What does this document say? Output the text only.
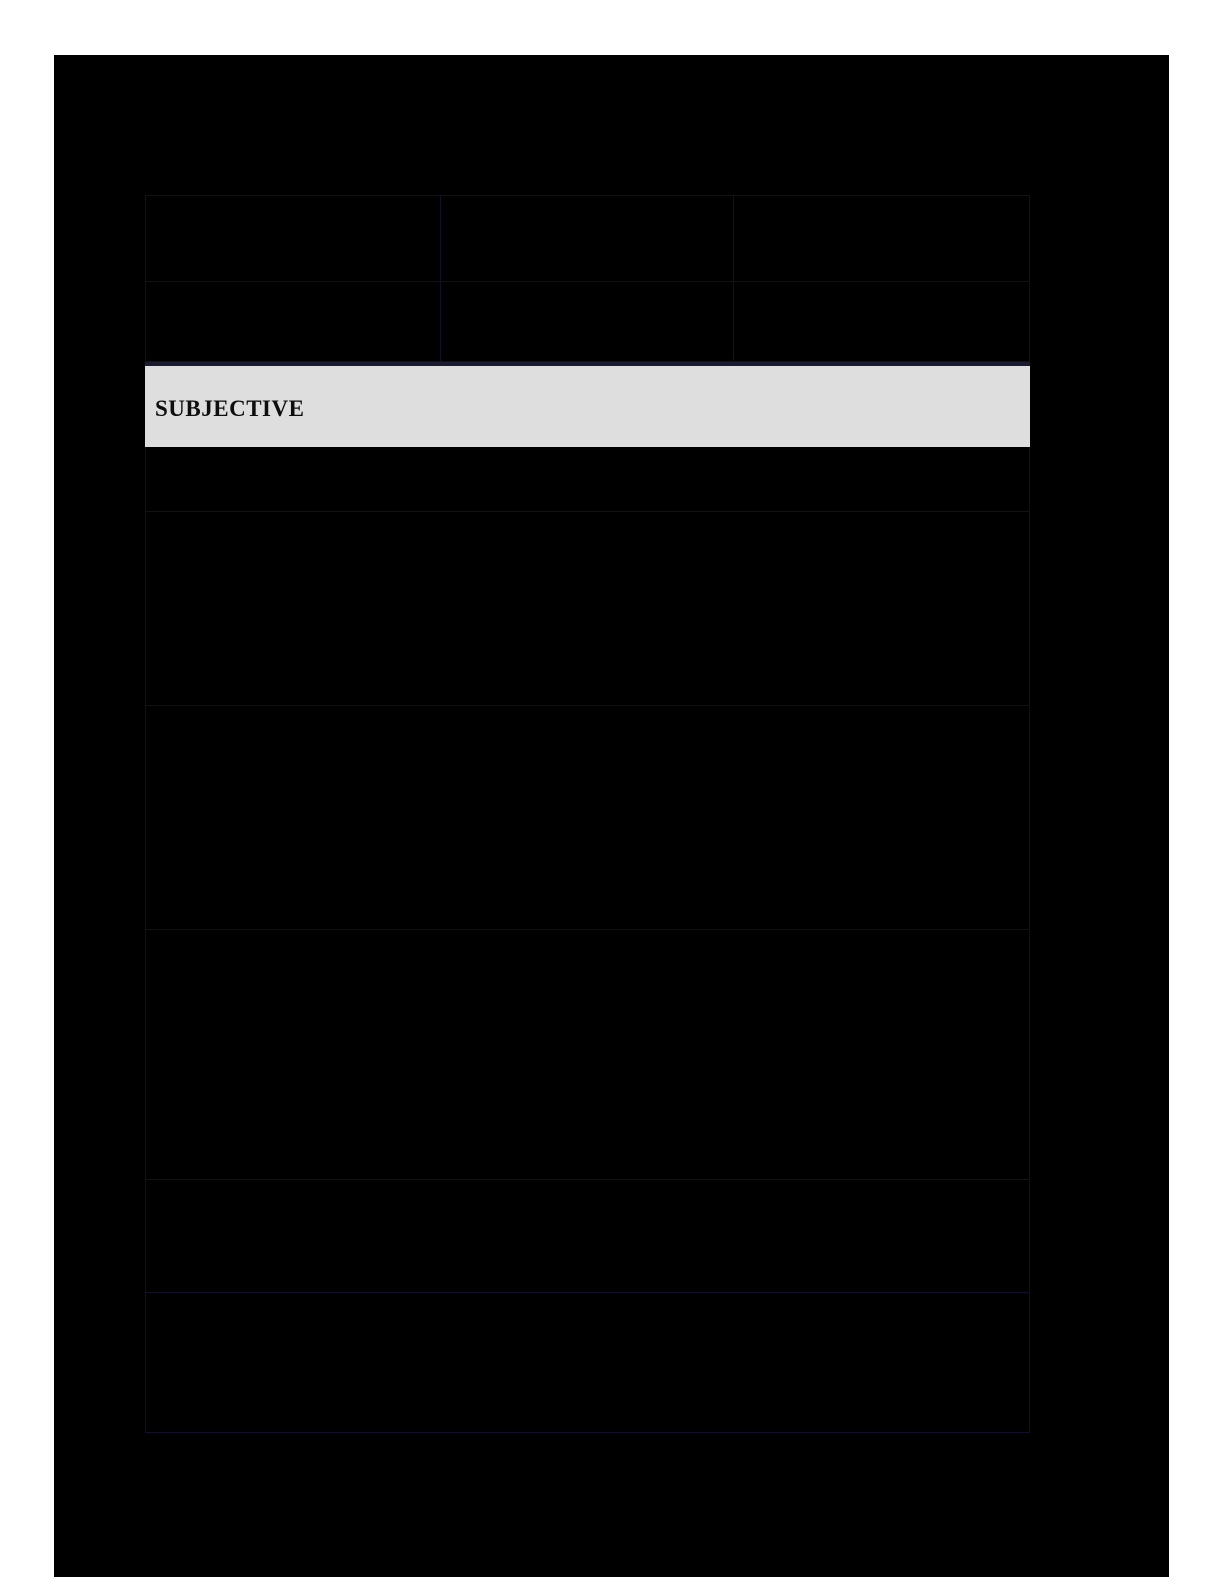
SUBJECTIVE
